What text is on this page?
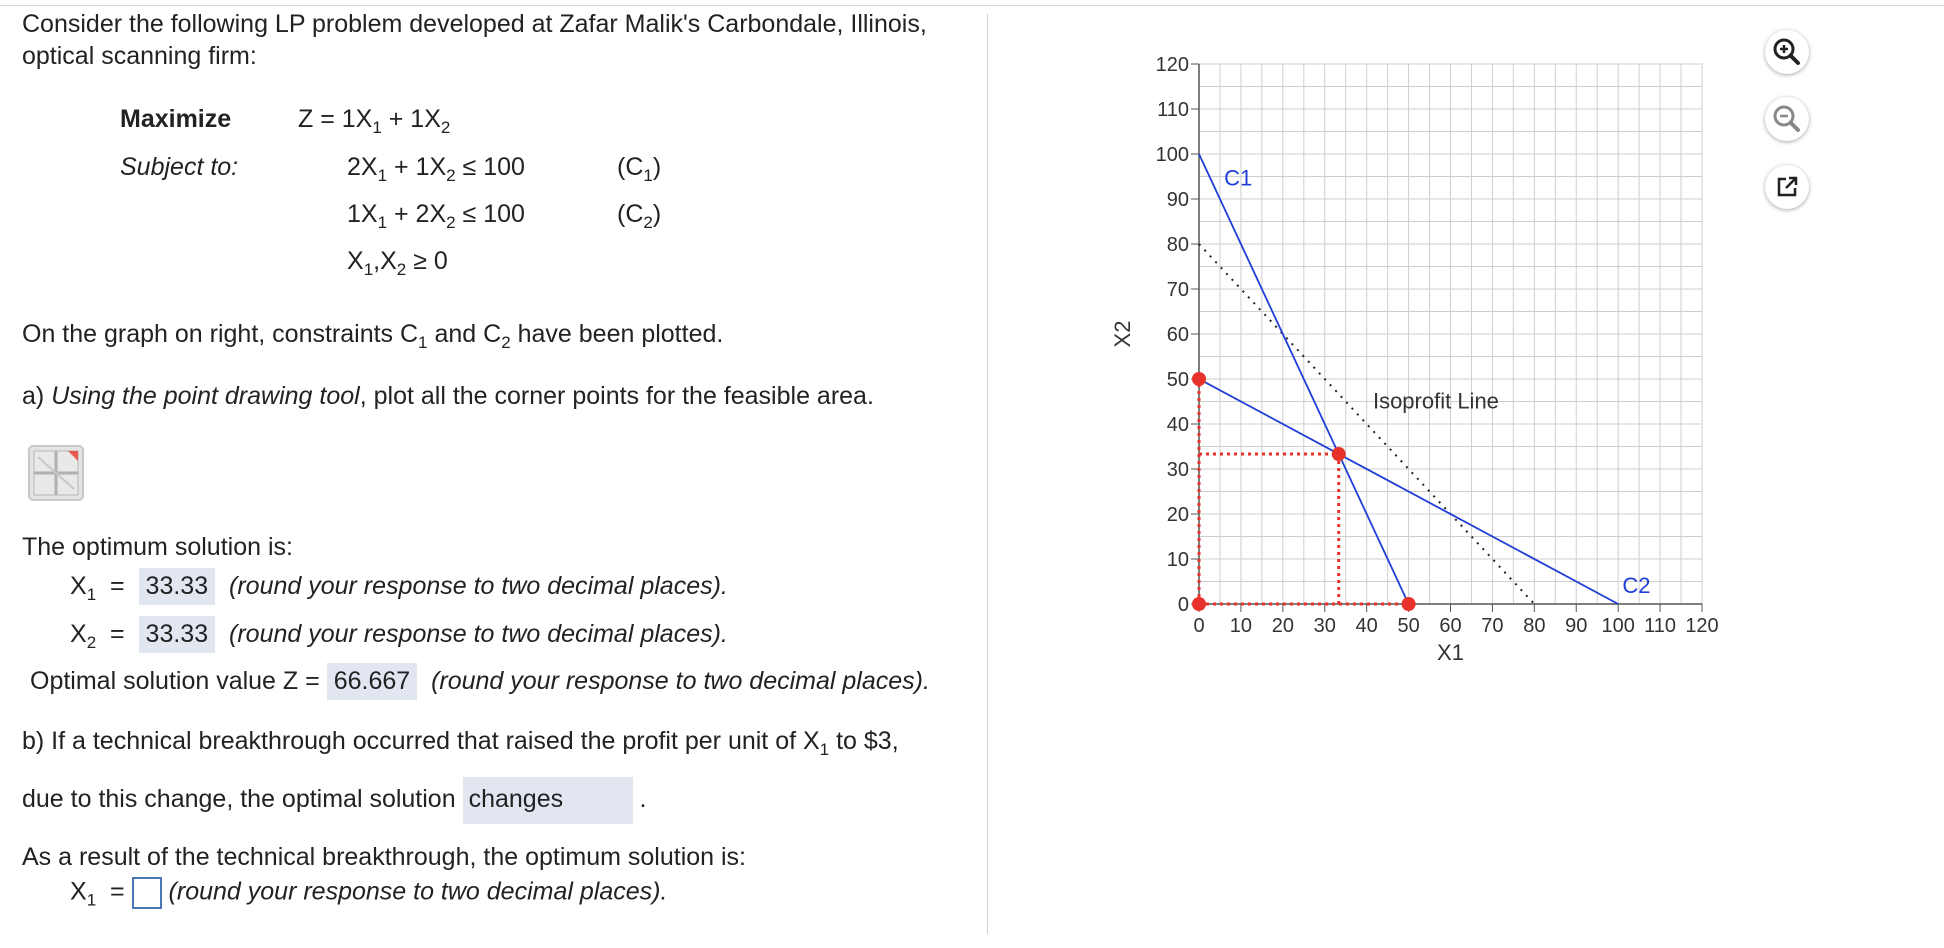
Consider the following LP problem developed at Zafar Malik's Carbondale, Illinois,
optical scanning firm:
Maximize	$Z = 1X_1 + 1X_2$
Subject to:	$2X_1 + 1X_2 \le 100$	$(C_1)$
$1X_1 + 2X_2 \le 100$	$(C_2)$
$X_1,X_2 \ge 0$
On the graph on right, constraints $C_1$ and $C_2$ have been plotted.
a) Using the point drawing tool, plot all the corner points for the feasible area.
The optimum solution is:
$X_1 = 33.33$ (round your response to two decimal places).
$X_2 = 33.33$ (round your response to two decimal places).
Optimal solution value Z = 66.667 (round your response to two decimal places).
b) If a technical breakthrough occurred that raised the profit per unit of $X_1$ to $3,
due to this change, the optimal solution changes	.
As a result of the technical breakthrough, the optimum solution is:
$X_1$  =  (round your response to two decimal places).
0 10 20 30 40 50 60 70 80 90 100 110 120
0
10
20
30
40
50
60
70
80
90
100
110
120
X1
X2
C1
C2
Isoprofit Line
